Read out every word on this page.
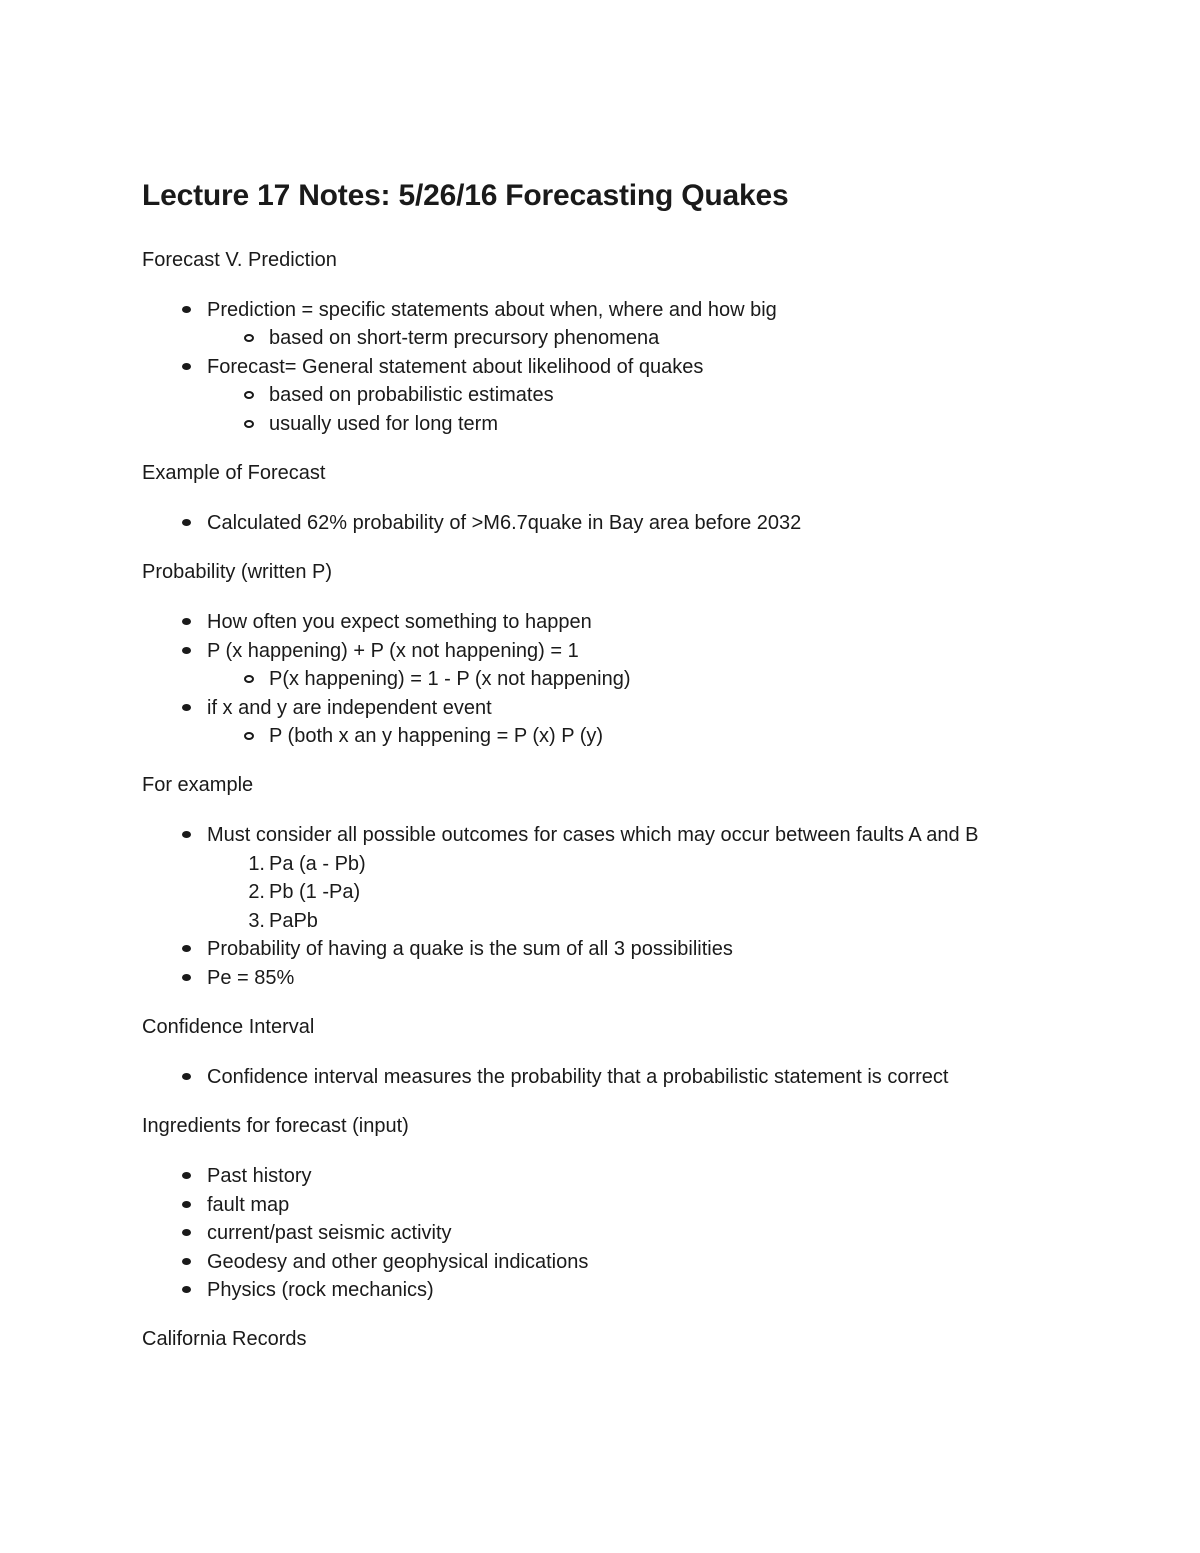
Lecture 17 Notes: 5/26/16 Forecasting Quakes

Forecast V. Prediction

Prediction = specific statements about when, where and how big
based on short-term precursory phenomena
Forecast= General statement about likelihood of quakes
based on probabilistic estimates
usually used for long term

Example of Forecast

Calculated 62% probability of >M6.7quake in Bay area before 2032

Probability (written P)

How often you expect something to happen
P (x happening) + P (x not happening) = 1
P(x happening) = 1 - P (x not happening)
if x and y are independent event
P (both x an y happening = P (x) P (y)

For example

Must consider all possible outcomes for cases which may occur between faults A and B
1. Pa (a - Pb)
2. Pb (1 -Pa)
3. PaPb
Probability of having a quake is the sum of all 3 possibilities
Pe = 85%

Confidence Interval

Confidence interval measures the probability that a probabilistic statement is correct

Ingredients for forecast (input)

Past history
fault map
current/past seismic activity
Geodesy and other geophysical indications
Physics (rock mechanics)

California Records
